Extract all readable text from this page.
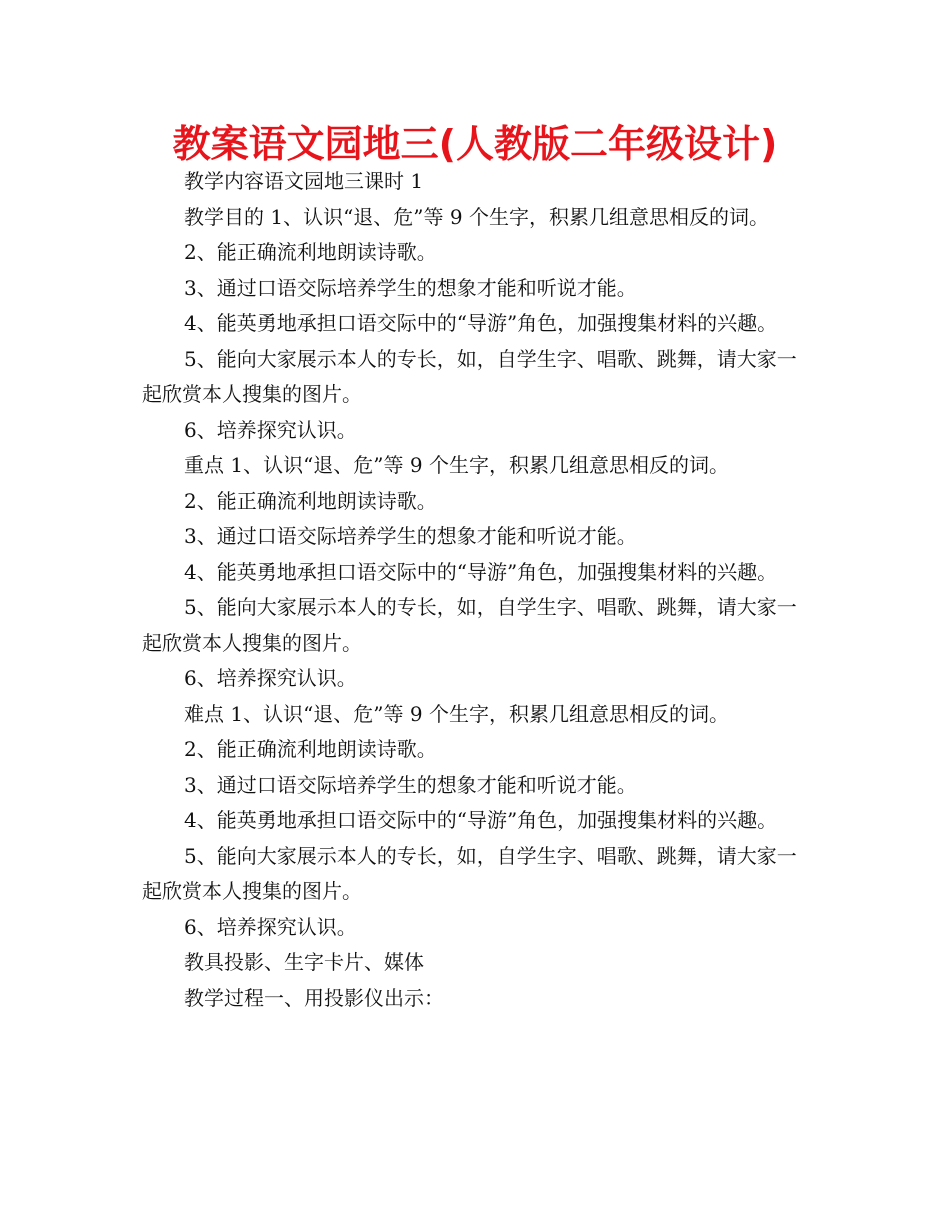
教案语文园地三(人教版二年级设计)

教学内容语文园地三课时 1

教学目的 1、认识“退、危”等 9 个生字，积累几组意思相反的词。

2、能正确流利地朗读诗歌。

3、通过口语交际培养学生的想象才能和听说才能。

4、能英勇地承担口语交际中的“导游”角色，加强搜集材料的兴趣。

5、能向大家展示本人的专长，如，自学生字、唱歌、跳舞，请大家一起欣赏本人搜集的图片。

6、培养探究认识。

重点 1、认识“退、危”等 9 个生字，积累几组意思相反的词。

2、能正确流利地朗读诗歌。

3、通过口语交际培养学生的想象才能和听说才能。

4、能英勇地承担口语交际中的“导游”角色，加强搜集材料的兴趣。

5、能向大家展示本人的专长，如，自学生字、唱歌、跳舞，请大家一起欣赏本人搜集的图片。

6、培养探究认识。

难点 1、认识“退、危”等 9 个生字，积累几组意思相反的词。

2、能正确流利地朗读诗歌。

3、通过口语交际培养学生的想象才能和听说才能。

4、能英勇地承担口语交际中的“导游”角色，加强搜集材料的兴趣。

5、能向大家展示本人的专长，如，自学生字、唱歌、跳舞，请大家一起欣赏本人搜集的图片。

6、培养探究认识。

教具投影、生字卡片、媒体

教学过程一、用投影仪出示：
